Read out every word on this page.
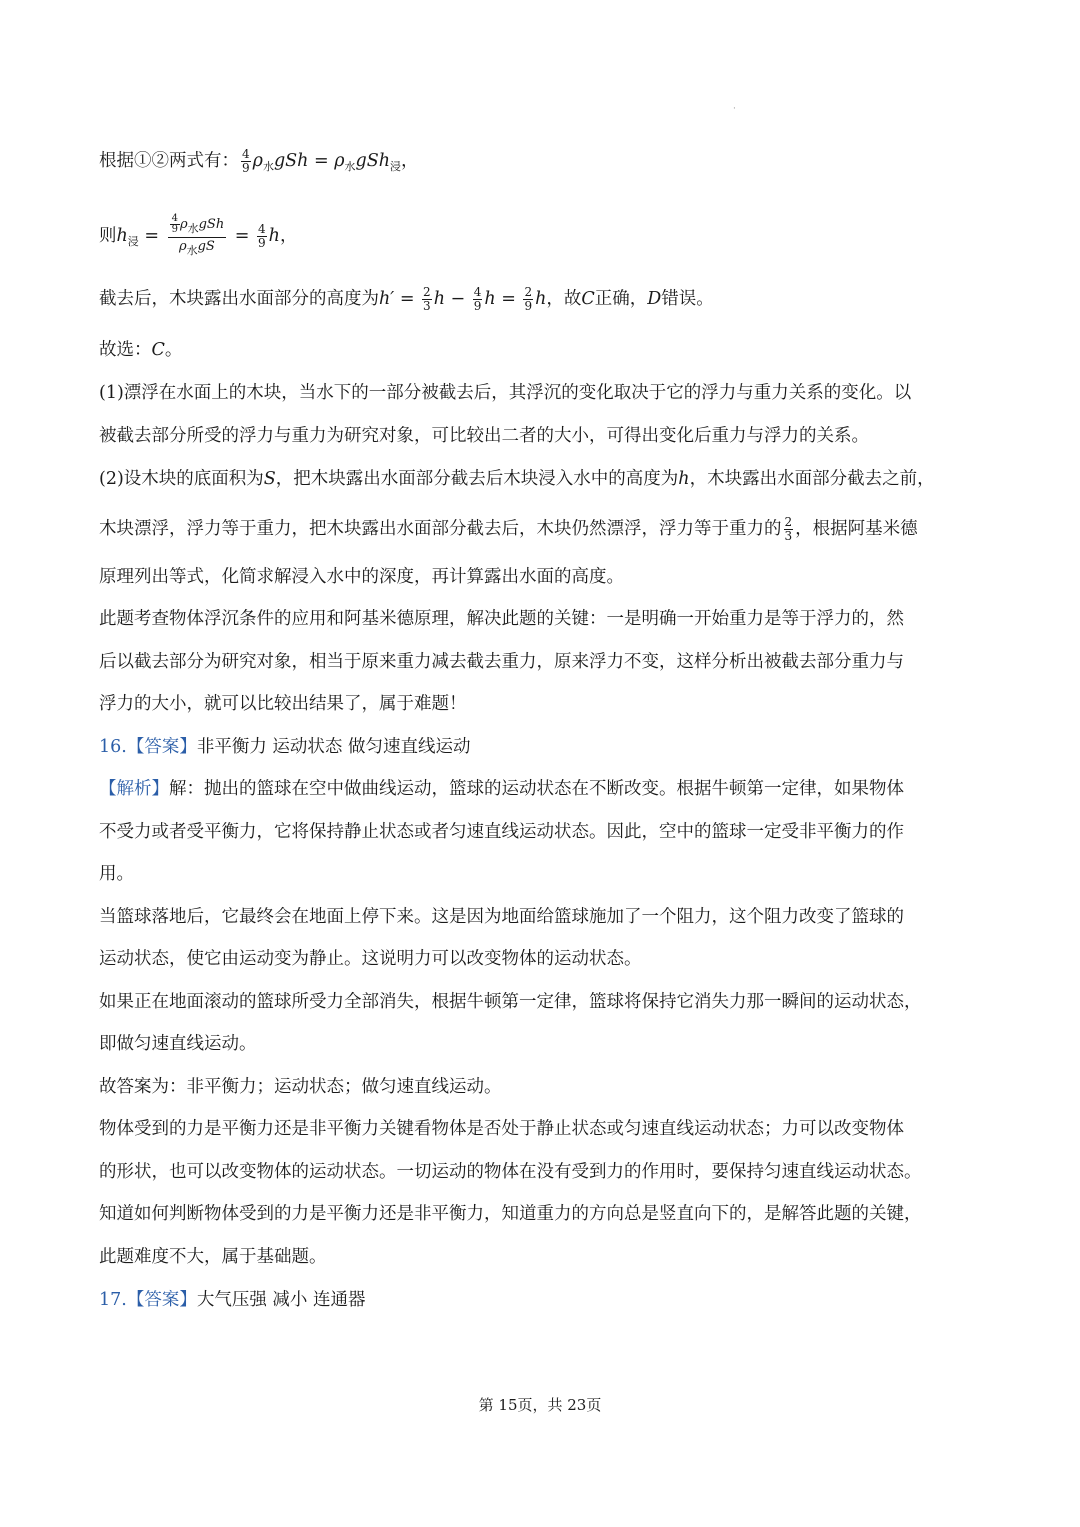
·
根据①②两式有： $\frac{4}{9} \rho_水gSh = \rho_水gSh_浸$，
则$h_浸 = \frac{\frac{4}{9} \rho_水gSh}{\rho_水gS} = \frac{4}{9}$ h，
截去后，木块露出水面部分的高度为$h' = \frac{2}{3}$ $h - \frac{4}{9}$ $h = \frac{2}{9}$ h，故C正确，D错误。
故选：C。
(1)漂浮在水面上的木块，当水下的一部分被截去后，其浮沉的变化取决于它的浮力与重力关系的变化。以
被截去部分所受的浮力与重力为研究对象，可比较出二者的大小，可得出变化后重力与浮力的关系。
(2)设木块的底面积为S，把木块露出水面部分截去后木块浸入水中的高度为h，木块露出水面部分截去之前，
木块漂浮，浮力等于重力，把木块露出水面部分截去后，木块仍然漂浮，浮力等于重力的 $\frac{2}{3}$ ，根据阿基米德
原理列出等式，化简求解浸入水中的深度，再计算露出水面的高度。
此题考查物体浮沉条件的应用和阿基米德原理，解决此题的关键：一是明确一开始重力是等于浮力的，然
后以截去部分为研究对象，相当于原来重力减去截去重力，原来浮力不变，这样分析出被截去部分重力与
浮力的大小，就可以比较出结果了，属于难题！
16.【答案】非平衡力 运动状态 做匀速直线运动
【解析】解：抛出的篮球在空中做曲线运动，篮球的运动状态在不断改变。根据牛顿第一定律，如果物体
不受力或者受平衡力，它将保持静止状态或者匀速直线运动状态。因此，空中的篮球一定受非平衡力的作
用。
当篮球落地后，它最终会在地面上停下来。这是因为地面给篮球施加了一个阻力，这个阻力改变了篮球的
运动状态，使它由运动变为静止。这说明力可以改变物体的运动状态。
如果正在地面滚动的篮球所受力全部消失，根据牛顿第一定律，篮球将保持它消失力那一瞬间的运动状态，
即做匀速直线运动。
故答案为：非平衡力；运动状态；做匀速直线运动。
物体受到的力是平衡力还是非平衡力关键看物体是否处于静止状态或匀速直线运动状态；力可以改变物体
的形状，也可以改变物体的运动状态。一切运动的物体在没有受到力的作用时，要保持匀速直线运动状态。
知道如何判断物体受到的力是平衡力还是非平衡力，知道重力的方向总是竖直向下的，是解答此题的关键，
此题难度不大，属于基础题。
17.【答案】大气压强 减小 连通器
第 15页，共 23页
